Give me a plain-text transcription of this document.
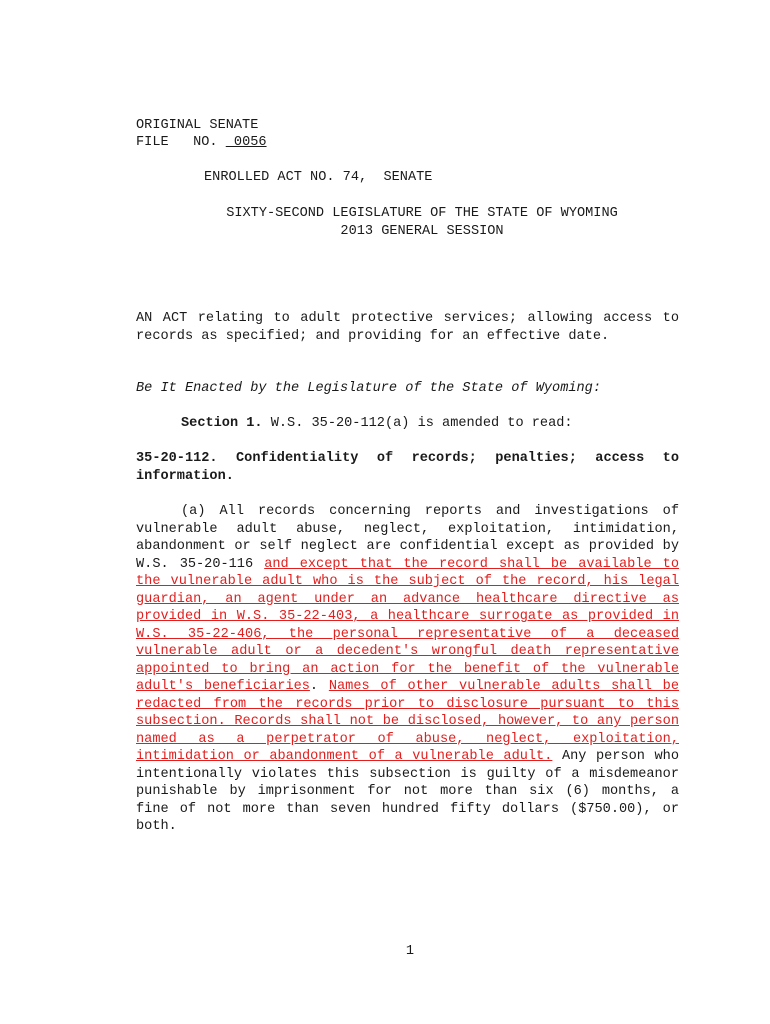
ORIGINAL SENATE
FILE   NO.  0056
ENROLLED ACT NO. 74,  SENATE
SIXTY-SECOND LEGISLATURE OF THE STATE OF WYOMING
2013 GENERAL SESSION
AN ACT relating to adult protective services; allowing access to records as specified; and providing for an effective date.
Be It Enacted by the Legislature of the State of Wyoming:
Section 1. W.S. 35-20-112(a) is amended to read:
35-20-112. Confidentiality of records; penalties; access to information.
(a) All records concerning reports and investigations of vulnerable adult abuse, neglect, exploitation, intimidation, abandonment or self neglect are confidential except as provided by W.S. 35-20-116 and except that the record shall be available to the vulnerable adult who is the subject of the record, his legal guardian, an agent under an advance healthcare directive as provided in W.S. 35-22-403, a healthcare surrogate as provided in W.S. 35-22-406, the personal representative of a deceased vulnerable adult or a decedent's wrongful death representative appointed to bring an action for the benefit of the vulnerable adult's beneficiaries. Names of other vulnerable adults shall be redacted from the records prior to disclosure pursuant to this subsection. Records shall not be disclosed, however, to any person named as a perpetrator of abuse, neglect, exploitation, intimidation or abandonment of a vulnerable adult. Any person who intentionally violates this subsection is guilty of a misdemeanor punishable by imprisonment for not more than six (6) months, a fine of not more than seven hundred fifty dollars ($750.00), or both.
1
